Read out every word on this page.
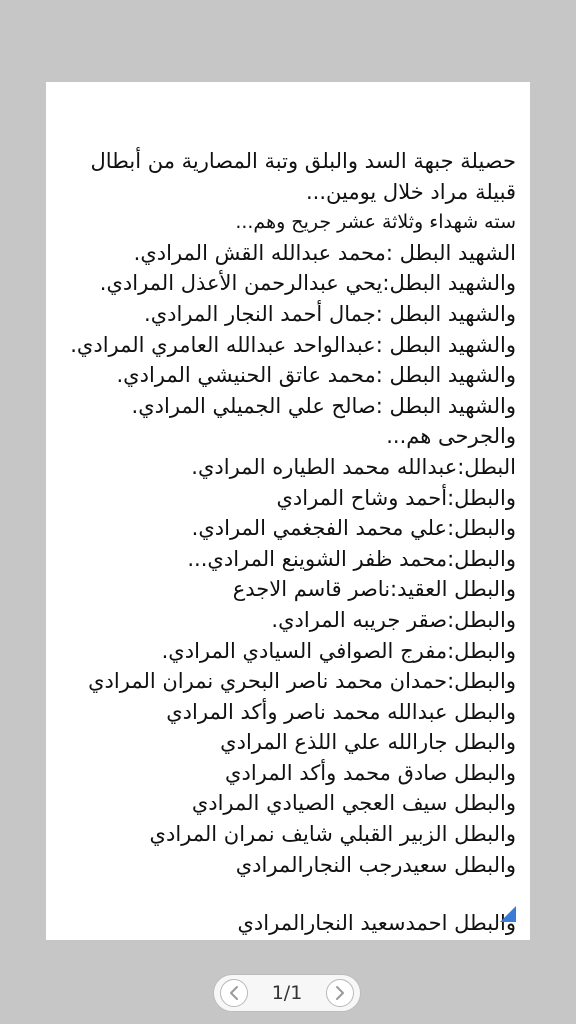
حصيلة جبهة السد والبلق وتبة المصارية من أبطال

قبيلة مراد خلال يومين...

سته شهداء وثلاثة عشر جريح وهم...

الشهيد البطل :محمد عبدالله القش المرادي.

والشهيد البطل:يحي عبدالرحمن الأعذل المرادي.

والشهيد البطل :جمال أحمد النجار المرادي.

والشهيد البطل :عبدالواحد عبدالله العامري المرادي.

والشهيد البطل :محمد عاتق الحنيشي المرادي.

والشهيد البطل :صالح علي الجميلي المرادي.

والجرحى هم...

البطل:عبدالله محمد الطياره المرادي.

والبطل:أحمد وشاح المرادي

والبطل:علي محمد الفجغمي المرادي.

والبطل:محمد ظفر الشوينع المرادي...

والبطل العقيد:ناصر قاسم الاجدع

والبطل:صقر جريبه المرادي.

والبطل:مفرج الصوافي السيادي المرادي.

والبطل:حمدان محمد ناصر البحري نمران المرادي

والبطل عبدالله محمد ناصر وأكد المرادي

والبطل جارالله علي اللذع المرادي

والبطل صادق محمد وأكد المرادي

والبطل سيف العجي الصيادي المرادي

والبطل الزبير القبلي شايف نمران المرادي

والبطل سعيدرجب النجارالمرادي

والبطل احمدسعيد النجارالمرادي
1/1
